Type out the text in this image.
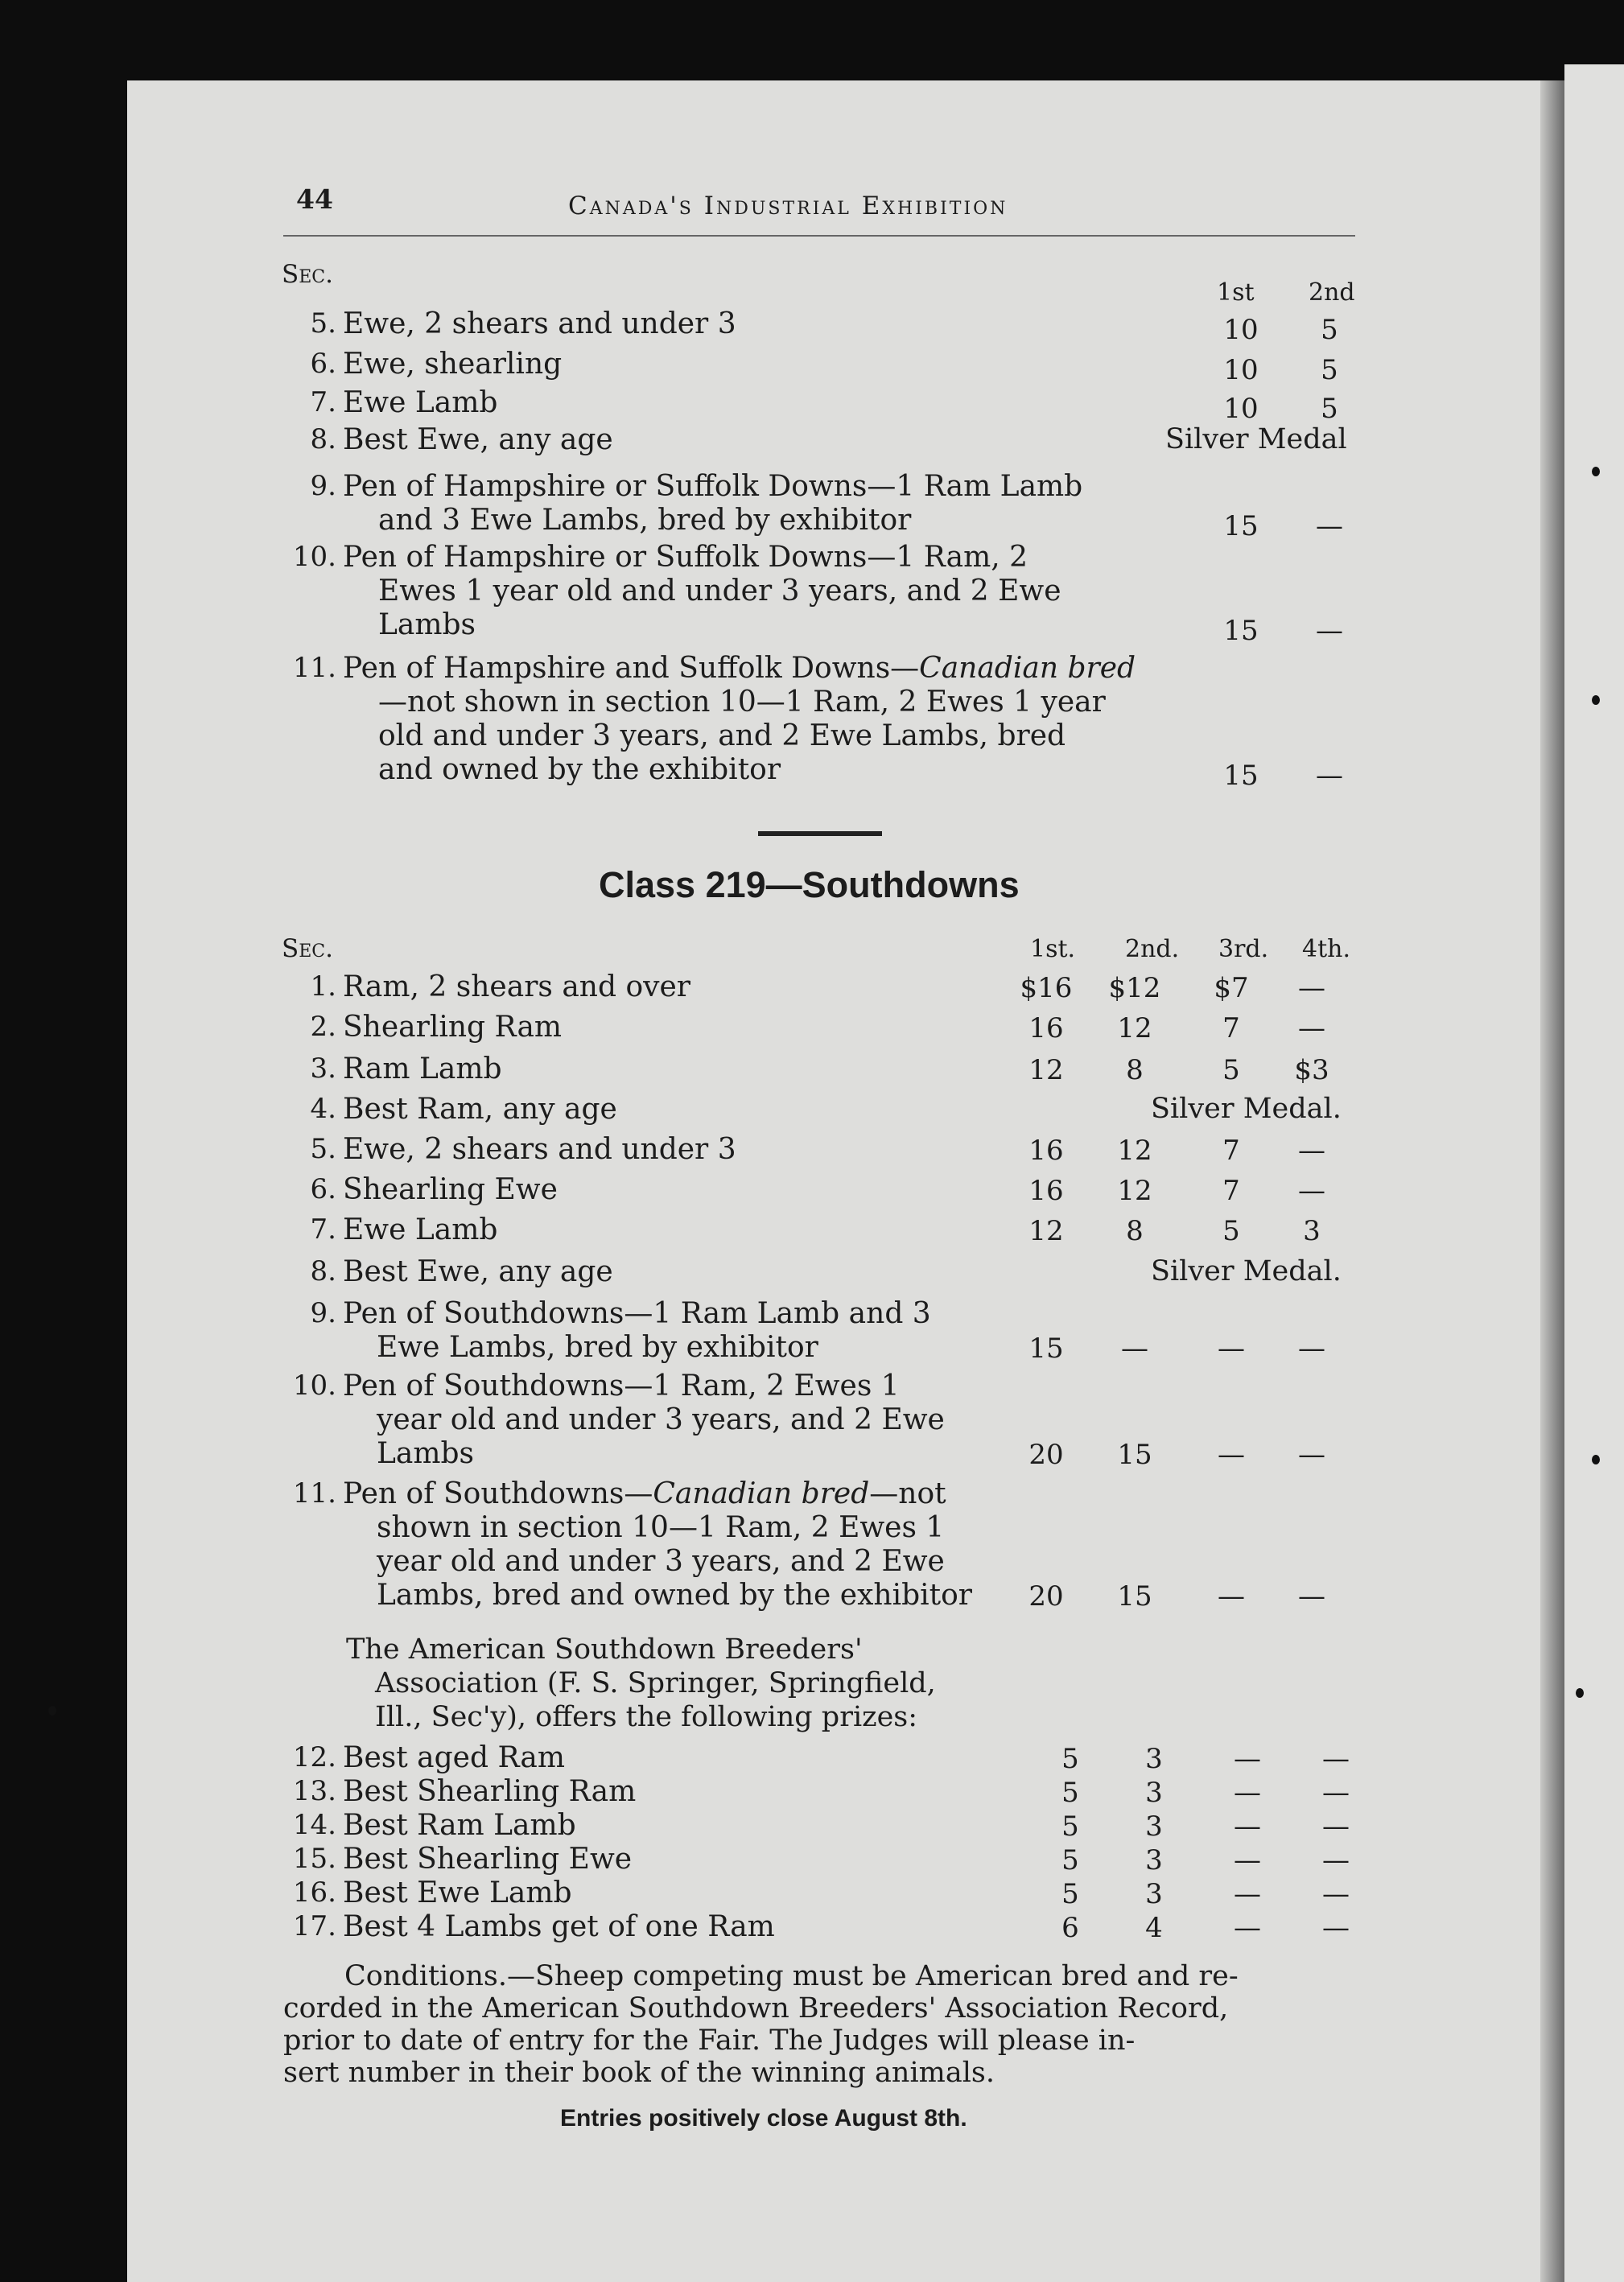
44	Canada's Industrial Exhibition
Sec.
1st 2nd
5. Ewe, 2 shears and under 3	10	5
6. Ewe, shearling	10	5
7. Ewe Lamb	10	5
8. Best Ewe, any age	Silver Medal
9. Pen of Hampshire or Suffolk Downs—1 Ram Lamb
and 3 Ewe Lambs, bred by exhibitor	15	—
10. Pen of Hampshire or Suffolk Downs—1 Ram, 2
Ewes 1 year old and under 3 years, and 2 Ewe
Lambs	15	—
11. Pen of Hampshire and Suffolk Downs—Canadian bred
—not shown in section 10—1 Ram, 2 Ewes 1 year
old and under 3 years, and 2 Ewe Lambs, bred
and owned by the exhibitor	15	—
Class 219—Southdowns
Sec.	1st. 2nd. 3rd. 4th.
1. Ram, 2 shears and over	$16 $12	$7	—
2. Shearling Ram	16	12	7	—
3. Ram Lamb	12	8	5	$3
4. Best Ram, any age	Silver Medal.
5. Ewe, 2 shears and under 3	16	12	7	—
6. Shearling Ewe	16	12	7	—
7. Ewe Lamb	12	8	5	3
8. Best Ewe, any age	Silver Medal.
9. Pen of Southdowns—1 Ram Lamb and 3
Ewe Lambs, bred by exhibitor	15	—	—	—
10. Pen of Southdowns—1 Ram, 2 Ewes 1
year old and under 3 years, and 2 Ewe
Lambs	20	15	—	—
11. Pen of Southdowns—Canadian bred—not
shown in section 10—1 Ram, 2 Ewes 1
year old and under 3 years, and 2 Ewe
Lambs, bred and owned by the exhibitor	20	15	—	—
The American Southdown Breeders'
Association (F. S. Springer, Springfield,
Ill., Sec'y), offers the following prizes:
12. Best aged Ram	5 3	— —
13. Best Shearling Ram	5 3	— —
14. Best Ram Lamb	5 3	— —
15. Best Shearling Ewe	5 3	— —
16. Best Ewe Lamb	5 3	— —
17. Best 4 Lambs get of one Ram	6 4	— —
Conditions.—Sheep competing must be American bred and re-
corded in the American Southdown Breeders' Association Record,
prior to date of entry for the Fair. The Judges will please in-
sert number in their book of the winning animals.
Entries positively close August 8th.
